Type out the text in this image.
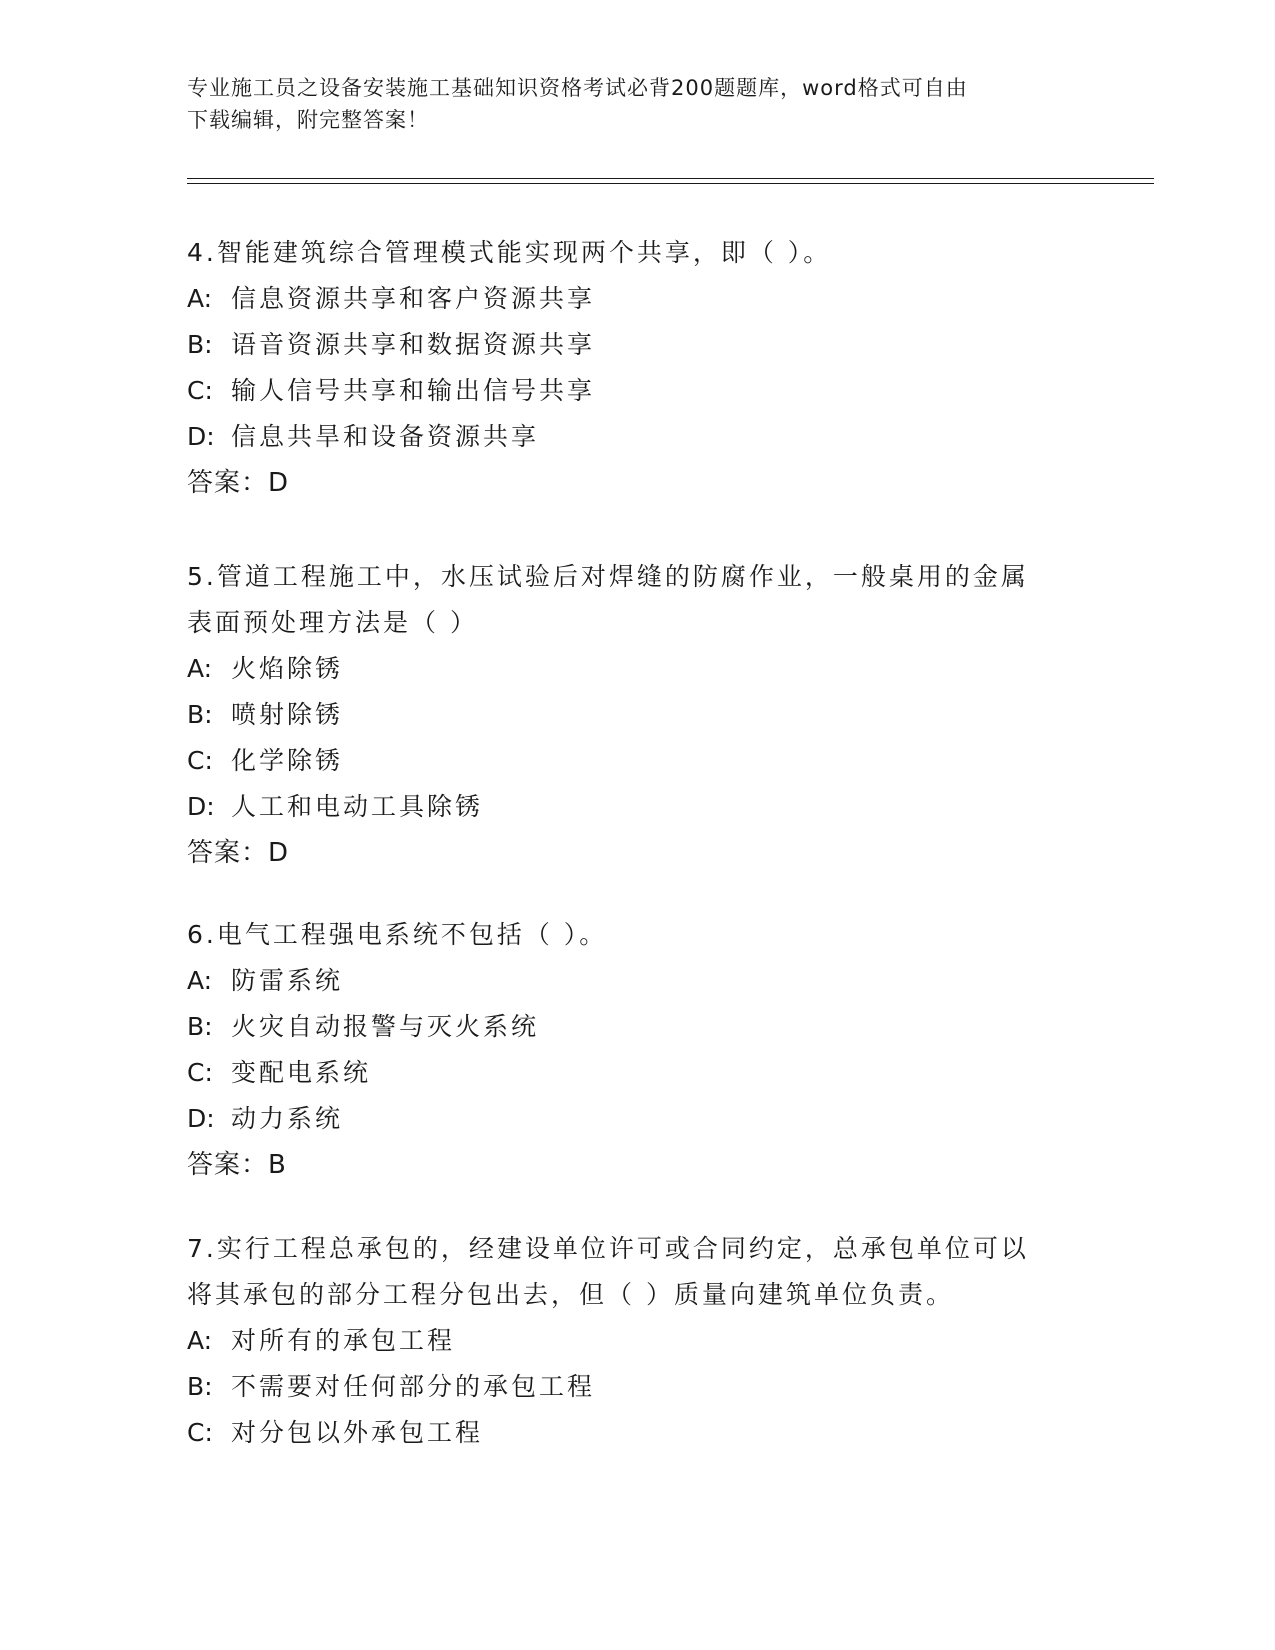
专业施工员之设备安装施工基础知识资格考试必背200题题库，word格式可自由
下载编辑，附完整答案！

4.智能建筑综合管理模式能实现两个共享，即（ ）。

A: 信息资源共享和客户资源共享

B: 语音资源共享和数据资源共享

C: 输人信号共享和输出信号共享

D: 信息共旱和设备资源共享

答案：D

5.管道工程施工中，水压试验后对焊缝的防腐作业，一般桌用的金属

表面预处理方法是（ ）

A: 火焰除锈

B: 喷射除锈

C: 化学除锈

D: 人工和电动工具除锈

答案：D

6.电气工程强电系统不包括（ ）。

A: 防雷系统

B: 火灾自动报警与灭火系统

C: 变配电系统

D: 动力系统

答案：B

7.实行工程总承包的，经建设单位许可或合同约定，总承包单位可以

将其承包的部分工程分包出去，但（ ）质量向建筑单位负责。

A: 对所有的承包工程

B: 不需要对任何部分的承包工程

C: 对分包以外承包工程
